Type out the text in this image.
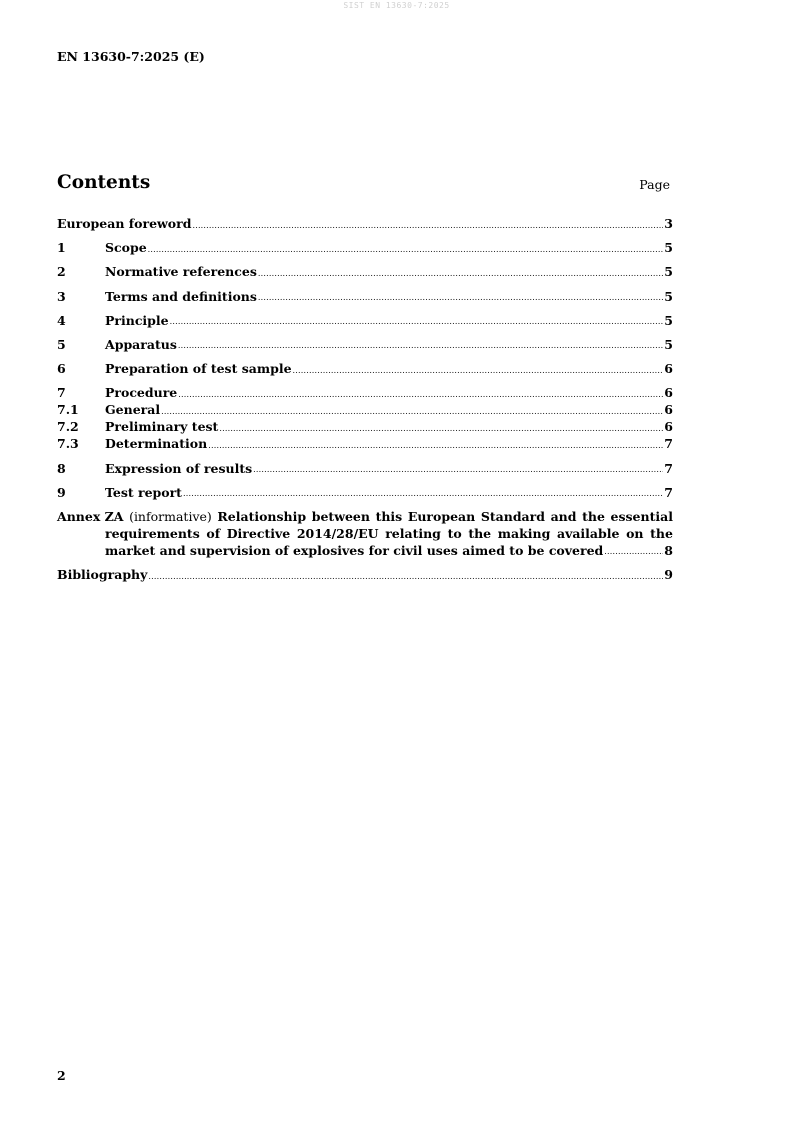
SIST EN 13630-7:2025
EN 13630-7:2025 (E)
Contents	Page
European foreword .....	3
1	Scope .....	5
2	Normative references .....	5
3	Terms and definitions .....	5
4	Principle .....	5
5	Apparatus .....	5
6	Preparation of test sample .....	6
7	Procedure .....	6
7.1	General .....	6
7.2	Preliminary test .....	6
7.3	Determination .....	7
8	Expression of results .....	7
9	Test report .....	7
Annex ZA (informative) Relationship between this European Standard and the essential
requirements of Directive 2014/28/EU relating to the making available on the
market and supervision of explosives for civil uses aimed to be covered .....	8
Bibliography .....	9
2
